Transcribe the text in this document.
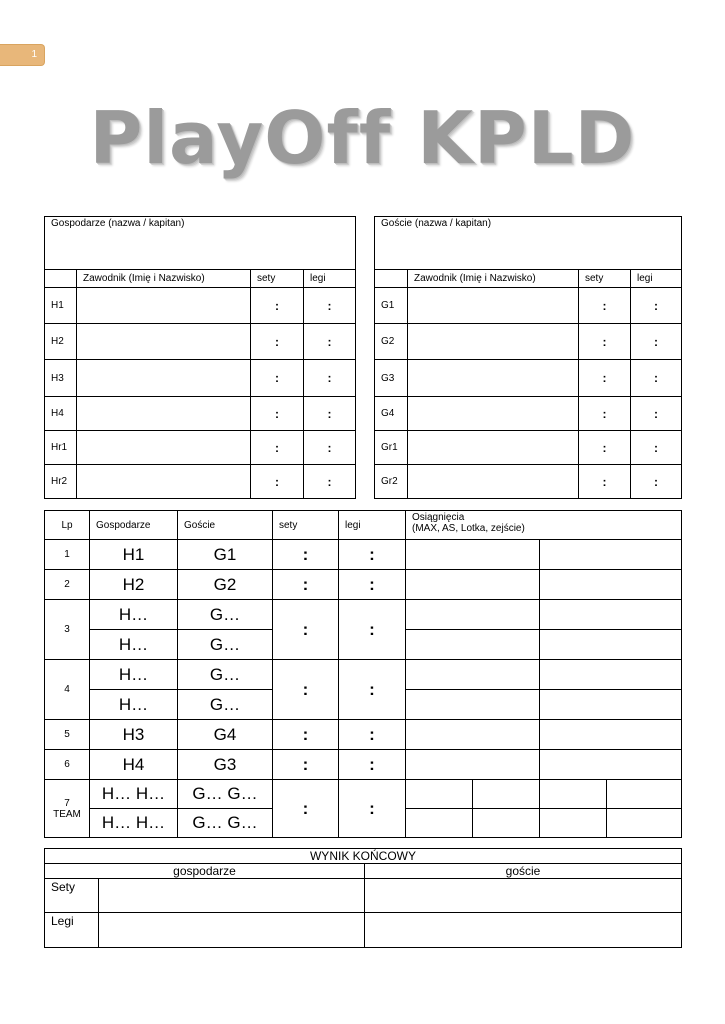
1
PlayOff KPLD
Gospodarze (nazwa / kapitan)			
	Zawodnik (Imię i Nazwisko)	sety	legi
H1		:	:
H2		:	:
H3		:	:
H4		:	:
Hr1		:	:
Hr2		:	:
Goście (nazwa / kapitan)			
	Zawodnik (Imię i Nazwisko)	sety	legi
G1		:	:
G2		:	:
G3		:	:
G4		:	:
Gr1		:	:
Gr2		:	:
Lp	Gospodarze	Goście	sety	legi	Osiągnięcia
(MAX, AS, Lotka, zejście)			

1	H1	G1	:	:				
2	H2	G2	:	:				
3	H…	G…	:	:				
	H…	G…						
4	H…	G…	:	:				
	H…	G…						
5	H3	G4	:	:				
6	H4	G3	:	:				

7
TEAM	H… H…	G… G…	:	:				
	H… H…	G… G…						
WYNIK KOŃCOWY		
gospodarze		goście
Sety		
Legi		
